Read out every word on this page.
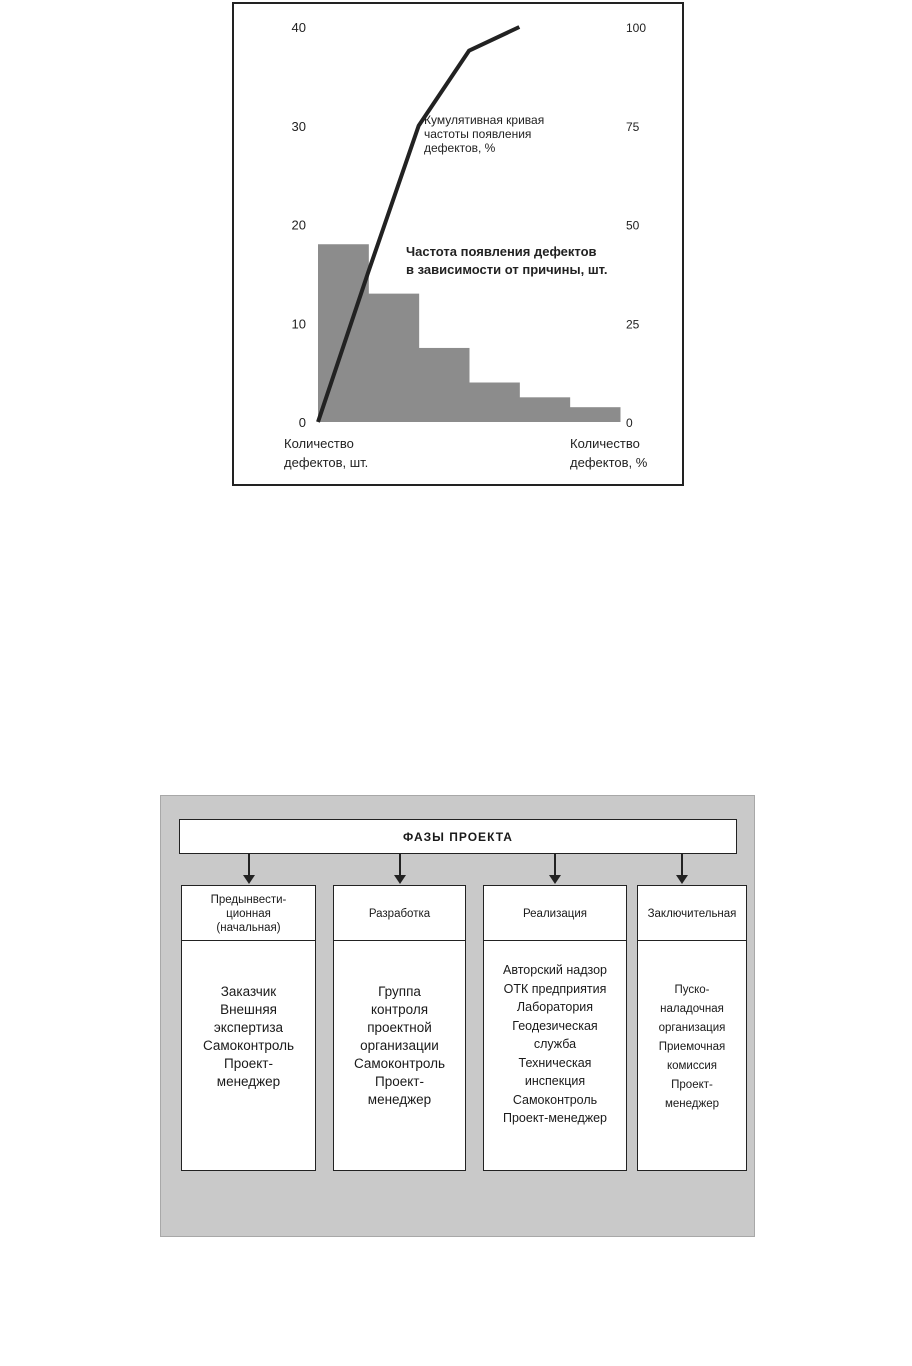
40
30
20
10
0
100
75
50
25
0
Кумулятивная кривая
частоты появления
дефектов, %
Частота появления дефектов
в зависимости от причины, шт.
Количество
дефектов, шт.
Количество
дефектов, %
ФАЗЫ ПРОЕКТА
Предынвести-
ционная
(начальная)
Заказчик
Внешняя
экспертиза
Самоконтроль
Проект-
менеджер
Разработка
Группа
контроля
проектной
организации
Самоконтроль
Проект-
менеджер
Реализация
Авторский надзор
ОТК предприятия
Лаборатория
Геодезическая
служба
Техническая
инспекция
Самоконтроль
Проект-менеджер
Заключительная
Пуско-
наладочная
организация
Приемочная
комиссия
Проект-
менеджер
